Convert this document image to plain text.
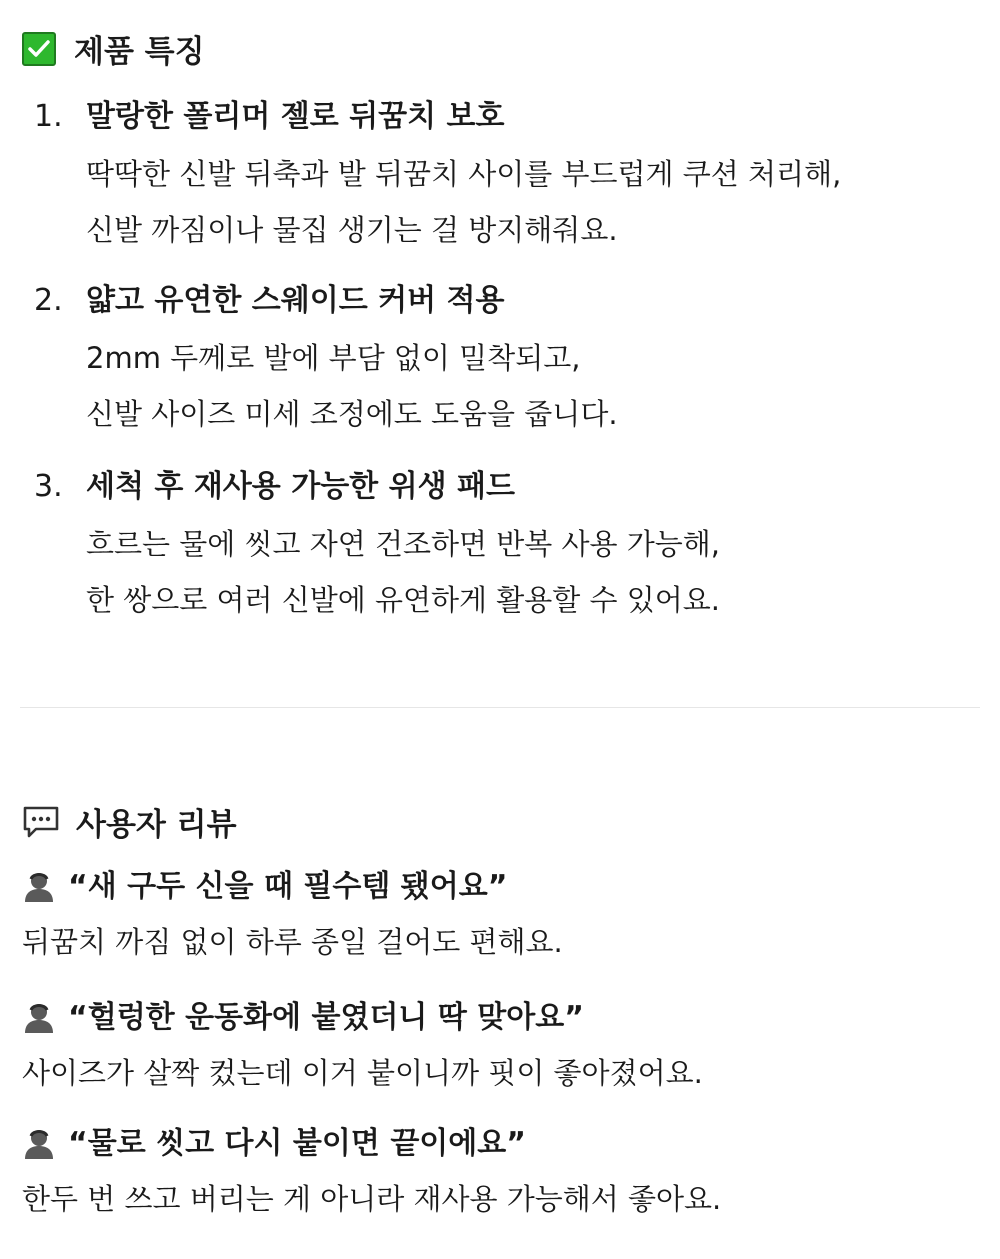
제품 특징
1. 말랑한 폴리머 젤로 뒤꿈치 보호
딱딱한 신발 뒤축과 발 뒤꿈치 사이를 부드럽게 쿠션 처리해,
신발 까짐이나 물집 생기는 걸 방지해줘요.
2. 얇고 유연한 스웨이드 커버 적용
2mm 두께로 발에 부담 없이 밀착되고,
신발 사이즈 미세 조정에도 도움을 줍니다.
3. 세척 후 재사용 가능한 위생 패드
흐르는 물에 씻고 자연 건조하면 반복 사용 가능해,
한 쌍으로 여러 신발에 유연하게 활용할 수 있어요.
사용자 리뷰
“새 구두 신을 때 필수템 됐어요”
뒤꿈치 까짐 없이 하루 종일 걸어도 편해요.
“헐렁한 운동화에 붙였더니 딱 맞아요”
사이즈가 살짝 컸는데 이거 붙이니까 핏이 좋아졌어요.
“물로 씻고 다시 붙이면 끝이에요”
한두 번 쓰고 버리는 게 아니라 재사용 가능해서 좋아요.
